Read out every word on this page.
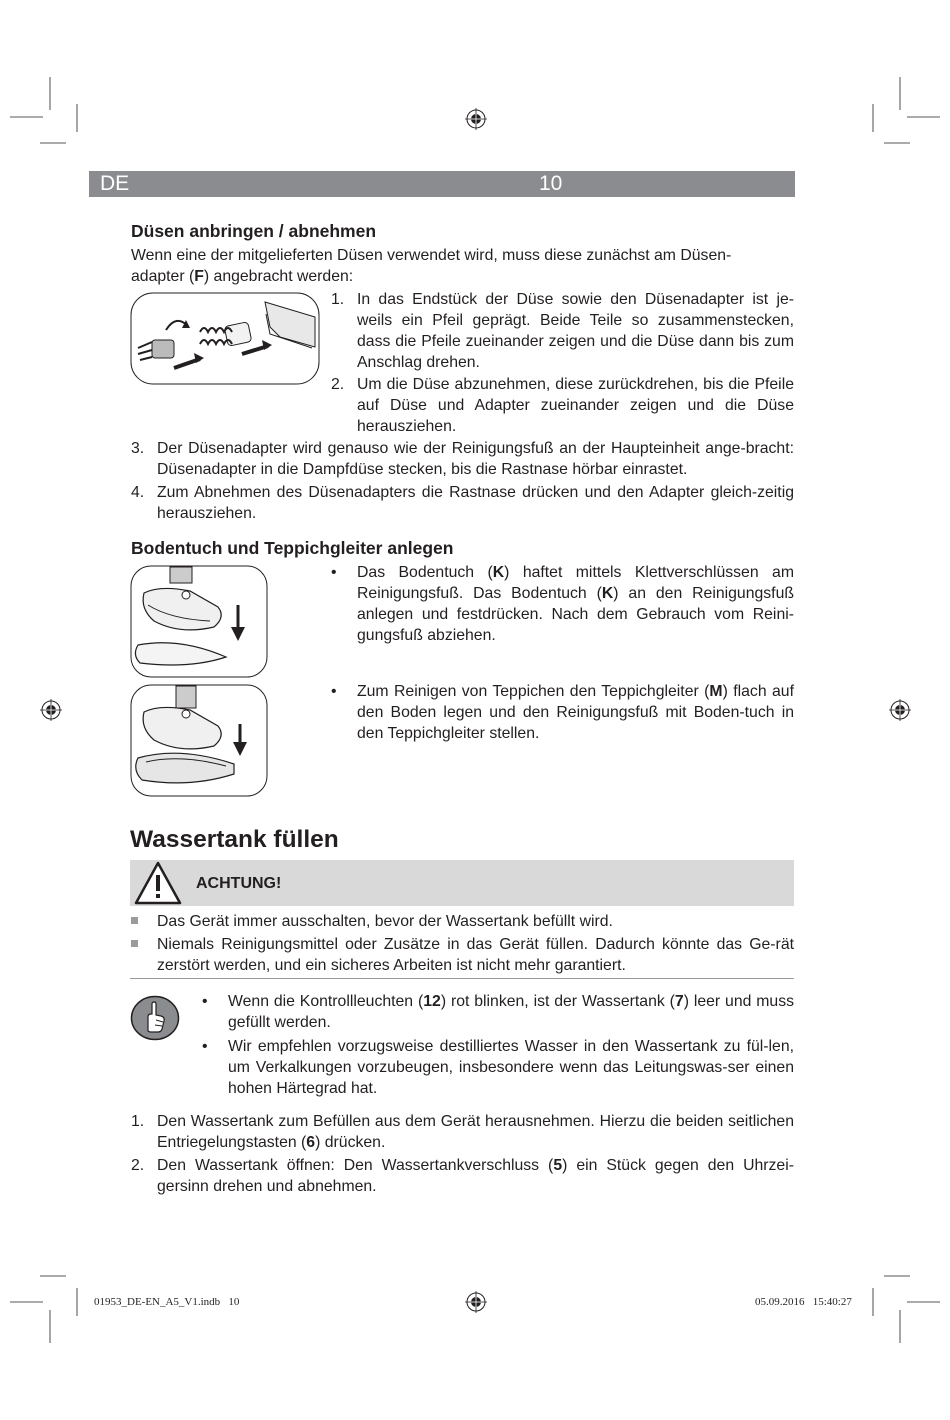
DE	10
Düsen anbringen / abnehmen
Wenn eine der mitgelieferten Düsen verwendet wird, muss diese zunächst am Düsen-
adapter (F) angebracht werden:
1. In das Endstück der Düse sowie den Düsenadapter ist je-weils ein Pfeil geprägt. Beide Teile so zusammenstecken, dass die Pfeile zueinander zeigen und die Düse dann bis zum Anschlag drehen.
2. Um die Düse abzunehmen, diese zurückdrehen, bis die Pfeile auf Düse und Adapter zueinander zeigen und die Düse herausziehen.
3. Der Düsenadapter wird genauso wie der Reinigungsfuß an der Haupteinheit ange-bracht: Düsenadapter in die Dampfdüse stecken, bis die Rastnase hörbar einrastet.
4. Zum Abnehmen des Düsenadapters die Rastnase drücken und den Adapter gleich-zeitig herausziehen.
Bodentuch und Teppichgleiter anlegen
• Das Bodentuch (K) haftet mittels Klettverschlüssen am Reinigungsfuß. Das Bodentuch (K) an den Reinigungsfuß anlegen und festdrücken. Nach dem Gebrauch vom Reini-gungsfuß abziehen.
• Zum Reinigen von Teppichen den Teppichgleiter (M) flach auf den Boden legen und den Reinigungsfuß mit Boden-tuch in den Teppichgleiter stellen.
Wassertank füllen
ACHTUNG!
Das Gerät immer ausschalten, bevor der Wassertank befüllt wird.
Niemals Reinigungsmittel oder Zusätze in das Gerät füllen. Dadurch könnte das Ge-rät zerstört werden, und ein sicheres Arbeiten ist nicht mehr garantiert.
• Wenn die Kontrollleuchten (12) rot blinken, ist der Wassertank (7) leer und muss gefüllt werden.
• Wir empfehlen vorzugsweise destilliertes Wasser in den Wassertank zu fül-len, um Verkalkungen vorzubeugen, insbesondere wenn das Leitungswas-ser einen hohen Härtegrad hat.
1. Den Wassertank zum Befüllen aus dem Gerät herausnehmen. Hierzu die beiden seitlichen Entriegelungstasten (6) drücken.
2. Den Wassertank öffnen: Den Wassertankverschluss (5) ein Stück gegen den Uhrzei-gersinn drehen und abnehmen.
01953_DE-EN_A5_V1.indb   10	05.09.2016   15:40:27
